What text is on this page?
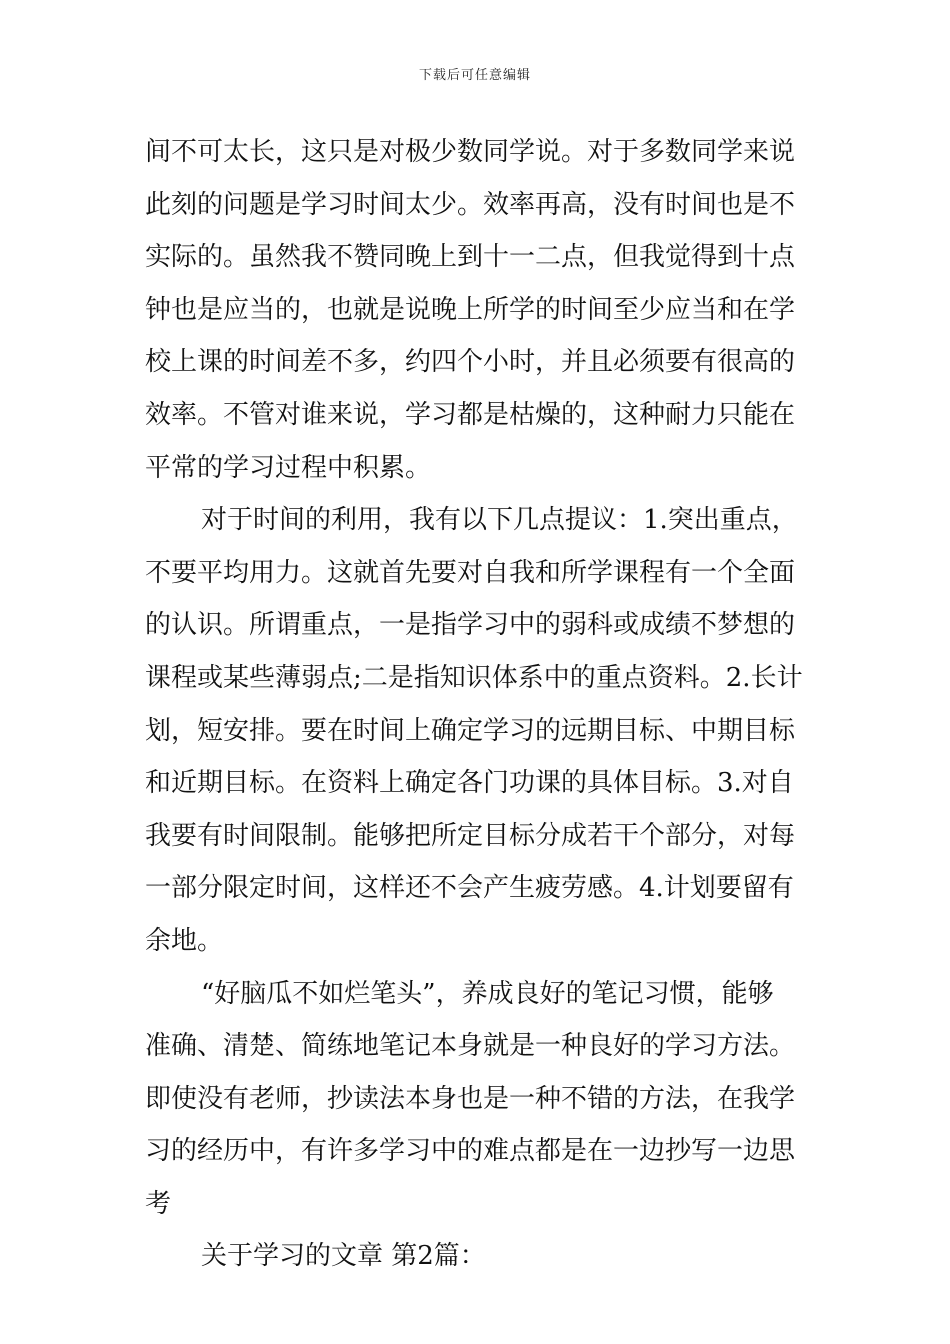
下载后可任意编辑
间不可太长，这只是对极少数同学说。对于多数同学来说
此刻的问题是学习时间太少。效率再高，没有时间也是不
实际的。虽然我不赞同晚上到十一二点，但我觉得到十点
钟也是应当的，也就是说晚上所学的时间至少应当和在学
校上课的时间差不多，约四个小时，并且必须要有很高的
效率。不管对谁来说，学习都是枯燥的，这种耐力只能在
平常的学习过程中积累。
对于时间的利用，我有以下几点提议：1.突出重点，
不要平均用力。这就首先要对自我和所学课程有一个全面
的认识。所谓重点，一是指学习中的弱科或成绩不梦想的
课程或某些薄弱点;二是指知识体系中的重点资料。2.长计
划，短安排。要在时间上确定学习的远期目标、中期目标
和近期目标。在资料上确定各门功课的具体目标。3.对自
我要有时间限制。能够把所定目标分成若干个部分，对每
一部分限定时间，这样还不会产生疲劳感。4.计划要留有
余地。
“好脑瓜不如烂笔头”，养成良好的笔记习惯，能够
准确、清楚、简练地笔记本身就是一种良好的学习方法。
即使没有老师，抄读法本身也是一种不错的方法，在我学
习的经历中，有许多学习中的难点都是在一边抄写一边思
考
关于学习的文章 第2篇：
